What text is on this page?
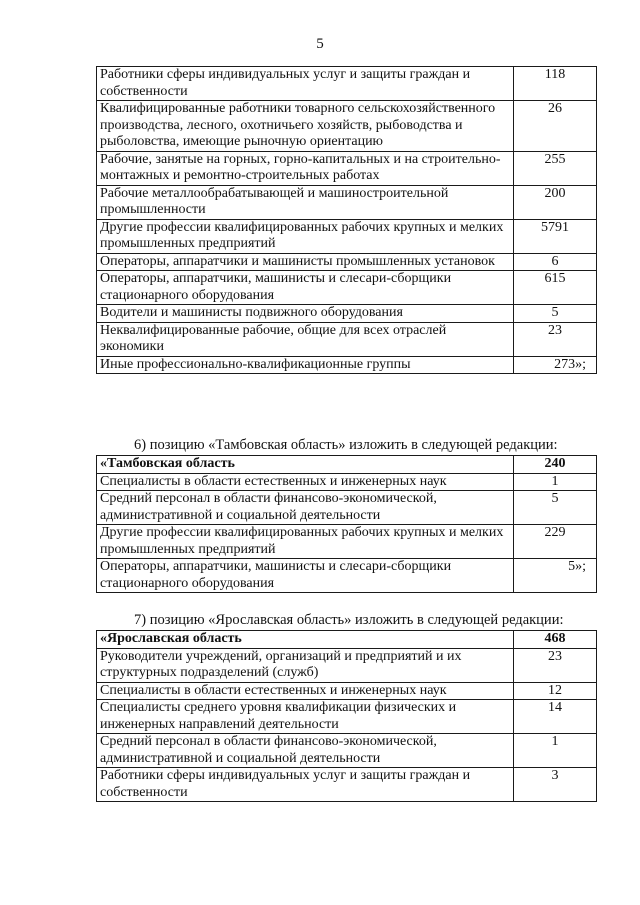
5
Работники сферы индивидуальных услуг и защиты граждан и собственности	118
Квалифицированные работники товарного сельскохозяйственного производства, лесного, охотничьего хозяйств, рыбоводства и рыболовства, имеющие рыночную ориентацию	26
Рабочие, занятые на горных, горно-капитальных и на строительно-монтажных и ремонтно-строительных работах	255
Рабочие металлообрабатывающей и машиностроительной промышленности	200
Другие профессии квалифицированных рабочих крупных и мелких промышленных предприятий	5791
Операторы, аппаратчики и машинисты промышленных установок	6
Операторы, аппаратчики, машинисты и слесари-сборщики стационарного оборудования	615
Водители и машинисты подвижного оборудования	5
Неквалифицированные рабочие, общие для всех отраслей экономики	23
Иные профессионально-квалификационные группы	273»;
6) позицию «Тамбовская область» изложить в следующей редакции:
«Тамбовская область	240
Специалисты в области естественных и инженерных наук	1
Средний персонал в области финансово-экономической, административной и социальной деятельности	5
Другие профессии квалифицированных рабочих крупных и мелких промышленных предприятий	229
Операторы, аппаратчики, машинисты и слесари-сборщики стационарного оборудования	5»;
7) позицию «Ярославская область» изложить в следующей редакции:
«Ярославская область	468
Руководители учреждений, организаций и предприятий и их структурных подразделений (служб)	23
Специалисты в области естественных и инженерных наук	12
Специалисты среднего уровня квалификации физических и инженерных направлений деятельности	14
Средний персонал в области финансово-экономической, административной и социальной деятельности	1
Работники сферы индивидуальных услуг и защиты граждан и собственности	3
